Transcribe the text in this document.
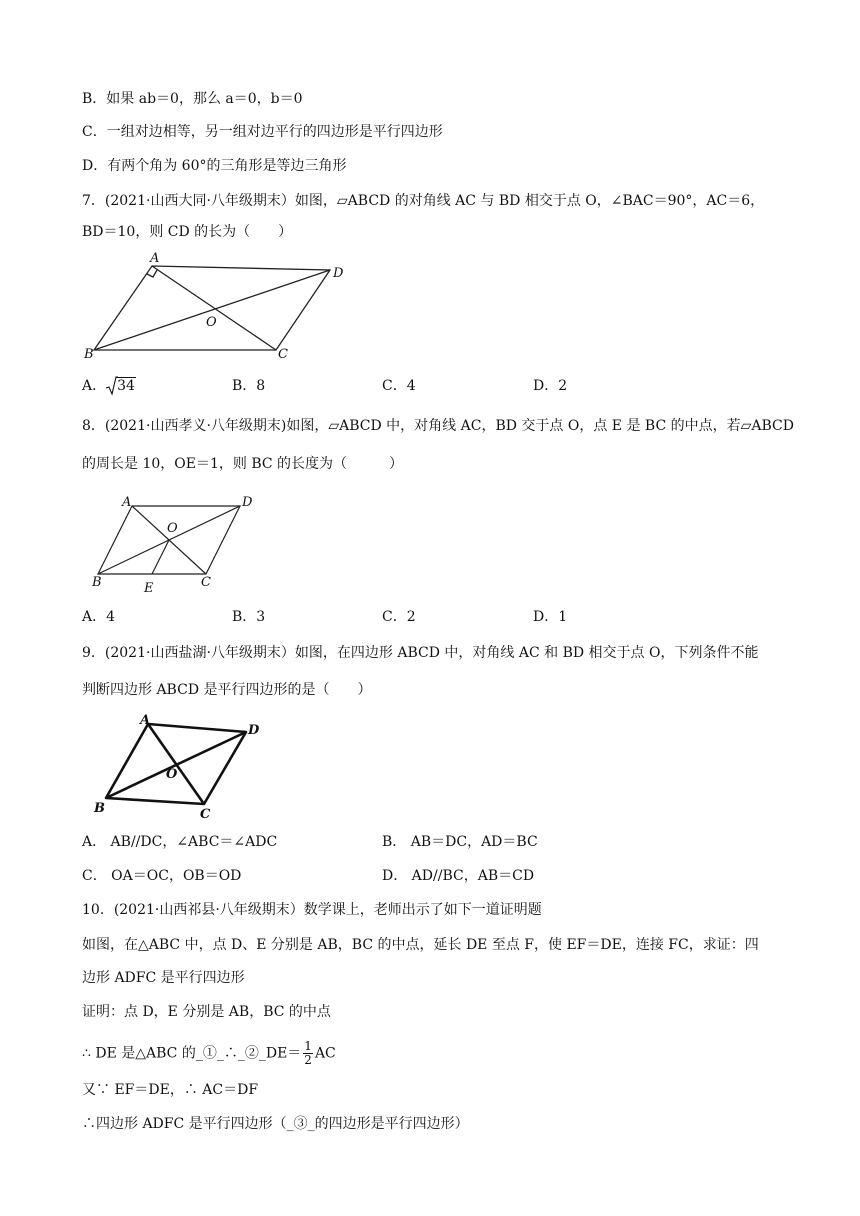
B．如果 ab＝0，那么 a＝0，b＝0
C．一组对边相等，另一组对边平行的四边形是平行四边形
D．有两个角为 60°的三角形是等边三角形
7．(2021·山西大同·八年级期末）如图，▱ABCD 的对角线 AC 与 BD 相交于点 O，∠BAC＝90°，AC＝6，
BD＝10，则 CD 的长为（　　）
A
D
O
B	C
A． 34	B．8	C．4	D．2
8．(2021·山西孝义·八年级期末)如图，▱ABCD 中，对角线 AC，BD 交于点 O，点 E 是 BC 的中点，若▱ABCD
的周长是 10，OE＝1，则 BC 的长度为（　　　）
A	D
O
B	E	C
A．4	B．3	C．2	D．1
9．(2021·山西盐湖·八年级期末）如图，在四边形 ABCD 中，对角线 AC 和 BD 相交于点 O，下列条件不能
判断四边形 ABCD 是平行四边形的是（　　）
A
D
O
B	C
A． AB//DC，∠ABC＝∠ADC	B． AB＝DC，AD＝BC
C． OA＝OC，OB＝OD	D． AD//BC，AB＝CD
10．(2021·山西祁县·八年级期末）数学课上，老师出示了如下一道证明题
如图，在△ABC 中，点 D、E 分别是 AB，BC 的中点，延长 DE 至点 F，使 EF＝DE，连接 FC，求证：四
边形 ADFC 是平行四边形
证明：点 D，E 分别是 AB，BC 的中点
∴ DE 是△ABC 的_①_∴_②_DE＝ $\frac{1}{2}$ AC
又∵ EF＝DE，∴ AC＝DF
∴四边形 ADFC 是平行四边形（_③_的四边形是平行四边形）
